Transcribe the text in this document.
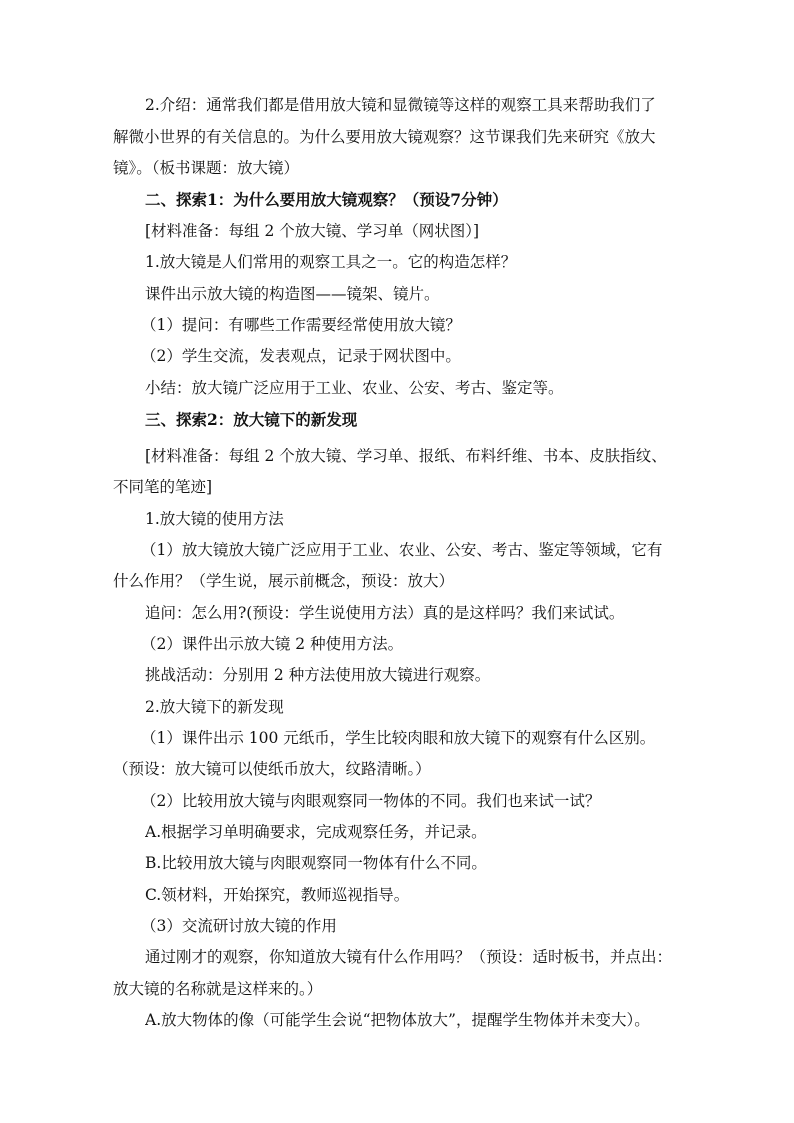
2.介绍：通常我们都是借用放大镜和显微镜等这样的观察工具来帮助我们了
解微小世界的有关信息的。为什么要用放大镜观察？这节课我们先来研究《放大
镜》。（板书课题：放大镜）
二、探索1：为什么要用放大镜观察？（预设7分钟）
[材料准备：每组 2 个放大镜、学习单（网状图）]
1.放大镜是人们常用的观察工具之一。它的构造怎样？
课件出示放大镜的构造图——镜架、镜片。
（1）提问：有哪些工作需要经常使用放大镜？
（2）学生交流，发表观点，记录于网状图中。
小结：放大镜广泛应用于工业、农业、公安、考古、鉴定等。
三、探索2：放大镜下的新发现
[材料准备：每组 2 个放大镜、学习单、报纸、布料纤维、书本、皮肤指纹、
不同笔的笔迹]
1.放大镜的使用方法
（1）放大镜放大镜广泛应用于工业、农业、公安、考古、鉴定等领域，它有
什么作用？（学生说，展示前概念，预设：放大）
追问：怎么用?(预设：学生说使用方法）真的是这样吗？我们来试试。
（2）课件出示放大镜 2 种使用方法。
挑战活动：分别用 2 种方法使用放大镜进行观察。
2.放大镜下的新发现
（1）课件出示 100 元纸币，学生比较肉眼和放大镜下的观察有什么区别。
（预设：放大镜可以使纸币放大，纹路清晰。）
（2）比较用放大镜与肉眼观察同一物体的不同。我们也来试一试？
A.根据学习单明确要求，完成观察任务，并记录。
B.比较用放大镜与肉眼观察同一物体有什么不同。
C.领材料，开始探究，教师巡视指导。
（3）交流研讨放大镜的作用
通过刚才的观察，你知道放大镜有什么作用吗？（预设：适时板书，并点出：
放大镜的名称就是这样来的。）
A.放大物体的像（可能学生会说“把物体放大”，提醒学生物体并未变大）。
